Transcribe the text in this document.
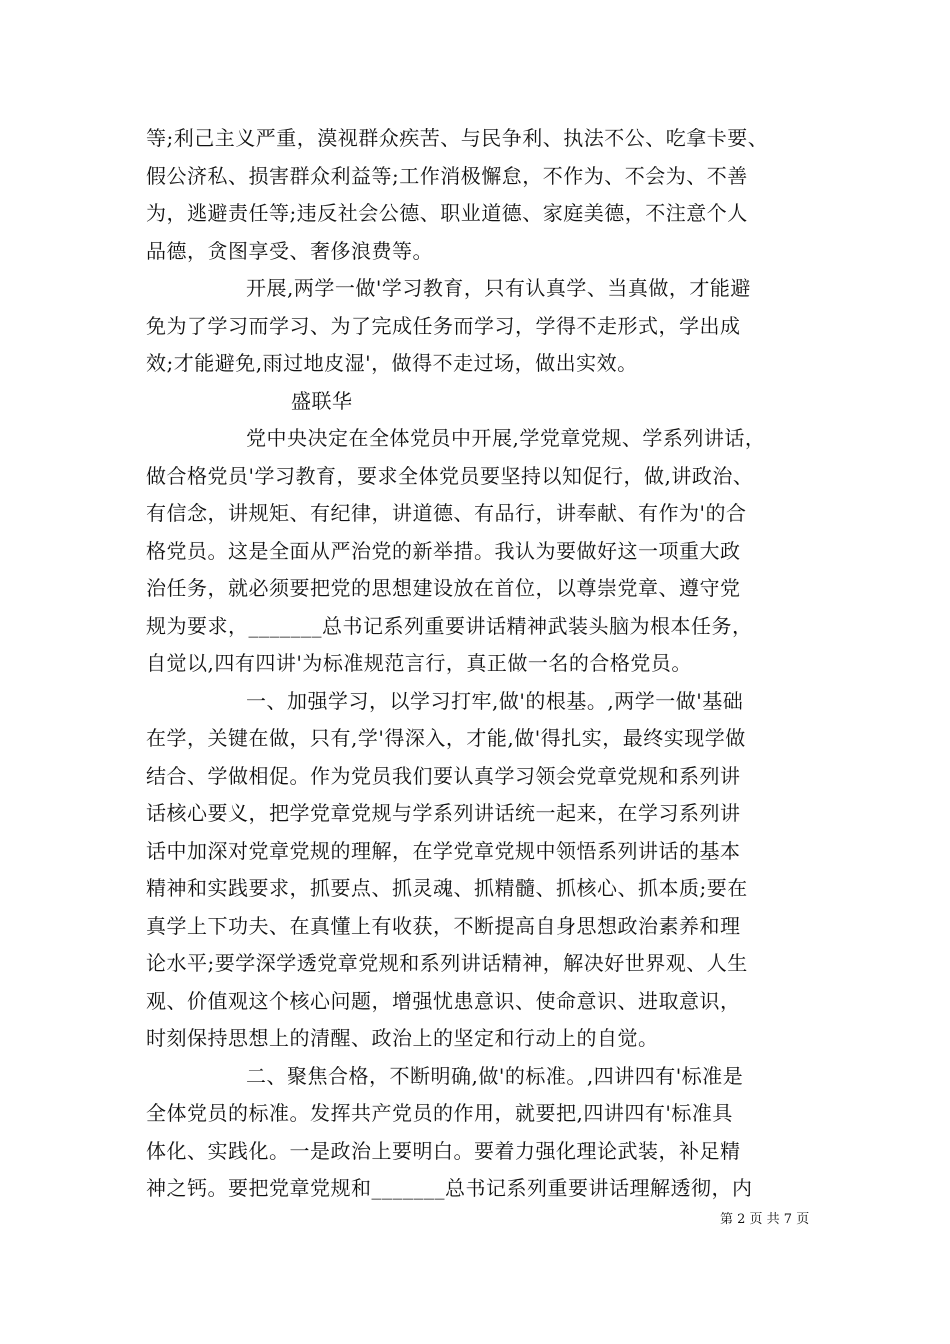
等;利己主义严重，漠视群众疾苦、与民争利、执法不公、吃拿卡要、
假公济私、损害群众利益等;工作消极懈怠，不作为、不会为、不善
为，逃避责任等;违反社会公德、职业道德、家庭美德，不注意个人
品德，贪图享受、奢侈浪费等。
开展,两学一做'学习教育，只有认真学、当真做，才能避
免为了学习而学习、为了完成任务而学习，学得不走形式，学出成
效;才能避免,雨过地皮湿'，做得不走过场，做出实效。
盛联华
党中央决定在全体党员中开展,学党章党规、学系列讲话，
做合格党员'学习教育，要求全体党员要坚持以知促行，做,讲政治、
有信念，讲规矩、有纪律，讲道德、有品行，讲奉献、有作为'的合
格党员。这是全面从严治党的新举措。我认为要做好这一项重大政
治任务，就必须要把党的思想建设放在首位，以尊崇党章、遵守党
规为要求，_______总书记系列重要讲话精神武装头脑为根本任务，
自觉以,四有四讲'为标准规范言行，真正做一名的合格党员。
一、加强学习，以学习打牢,做'的根基。,两学一做'基础
在学，关键在做，只有,学'得深入，才能,做'得扎实，最终实现学做
结合、学做相促。作为党员我们要认真学习领会党章党规和系列讲
话核心要义，把学党章党规与学系列讲话统一起来，在学习系列讲
话中加深对党章党规的理解，在学党章党规中领悟系列讲话的基本
精神和实践要求，抓要点、抓灵魂、抓精髓、抓核心、抓本质;要在
真学上下功夫、在真懂上有收获，不断提高自身思想政治素养和理
论水平;要学深学透党章党规和系列讲话精神，解决好世界观、人生
观、价值观这个核心问题，增强忧患意识、使命意识、进取意识，
时刻保持思想上的清醒、政治上的坚定和行动上的自觉。
二、聚焦合格，不断明确,做'的标准。,四讲四有'标准是
全体党员的标准。发挥共产党员的作用，就要把,四讲四有'标准具
体化、实践化。一是政治上要明白。要着力强化理论武装，补足精
神之钙。要把党章党规和_______总书记系列重要讲话理解透彻，内
第 2 页 共 7 页
